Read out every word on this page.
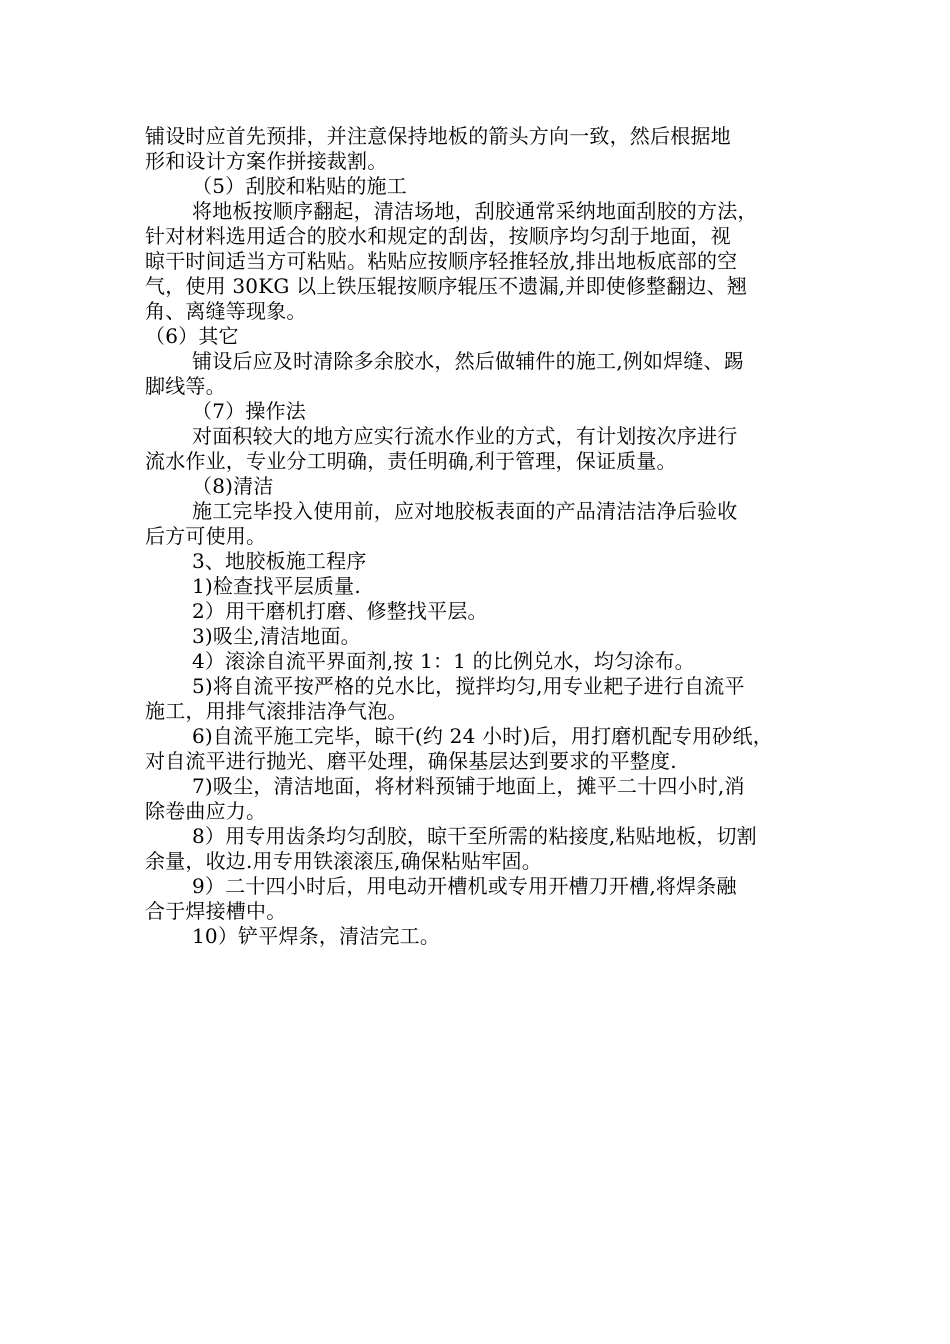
铺设时应首先预排，并注意保持地板的箭头方向一致，然后根据地
形和设计方案作拼接裁割。
（5）刮胶和粘贴的施工
将地板按顺序翻起，清洁场地，刮胶通常采纳地面刮胶的方法，
针对材料选用适合的胶水和规定的刮齿，按顺序均匀刮于地面，视
晾干时间适当方可粘贴。粘贴应按顺序轻推轻放,排出地板底部的空
气，使用 30KG 以上铁压辊按顺序辊压不遗漏,并即使修整翻边、翘
角、离缝等现象。
（6）其它
铺设后应及时清除多余胶水，然后做辅件的施工,例如焊缝、踢
脚线等。
（7）操作法
对面积较大的地方应实行流水作业的方式，有计划按次序进行
流水作业，专业分工明确，责任明确,利于管理，保证质量。
（8)清洁
施工完毕投入使用前，应对地胶板表面的产品清洁洁净后验收
后方可使用。
3、地胶板施工程序
1)检查找平层质量.
2）用干磨机打磨、修整找平层。
3)吸尘,清洁地面。
4）滚涂自流平界面剂,按 1：1 的比例兑水，均匀涂布。
5)将自流平按严格的兑水比，搅拌均匀,用专业耙子进行自流平
施工，用排气滚排洁净气泡。
6)自流平施工完毕，晾干(约 24 小时)后，用打磨机配专用砂纸，
对自流平进行抛光、磨平处理，确保基层达到要求的平整度.
7)吸尘，清洁地面，将材料预铺于地面上，摊平二十四小时,消
除卷曲应力。
8）用专用齿条均匀刮胶，晾干至所需的粘接度,粘贴地板，切割
余量，收边.用专用铁滚滚压,确保粘贴牢固。
9）二十四小时后，用电动开槽机或专用开槽刀开槽,将焊条融
合于焊接槽中。
10）铲平焊条，清洁完工。
